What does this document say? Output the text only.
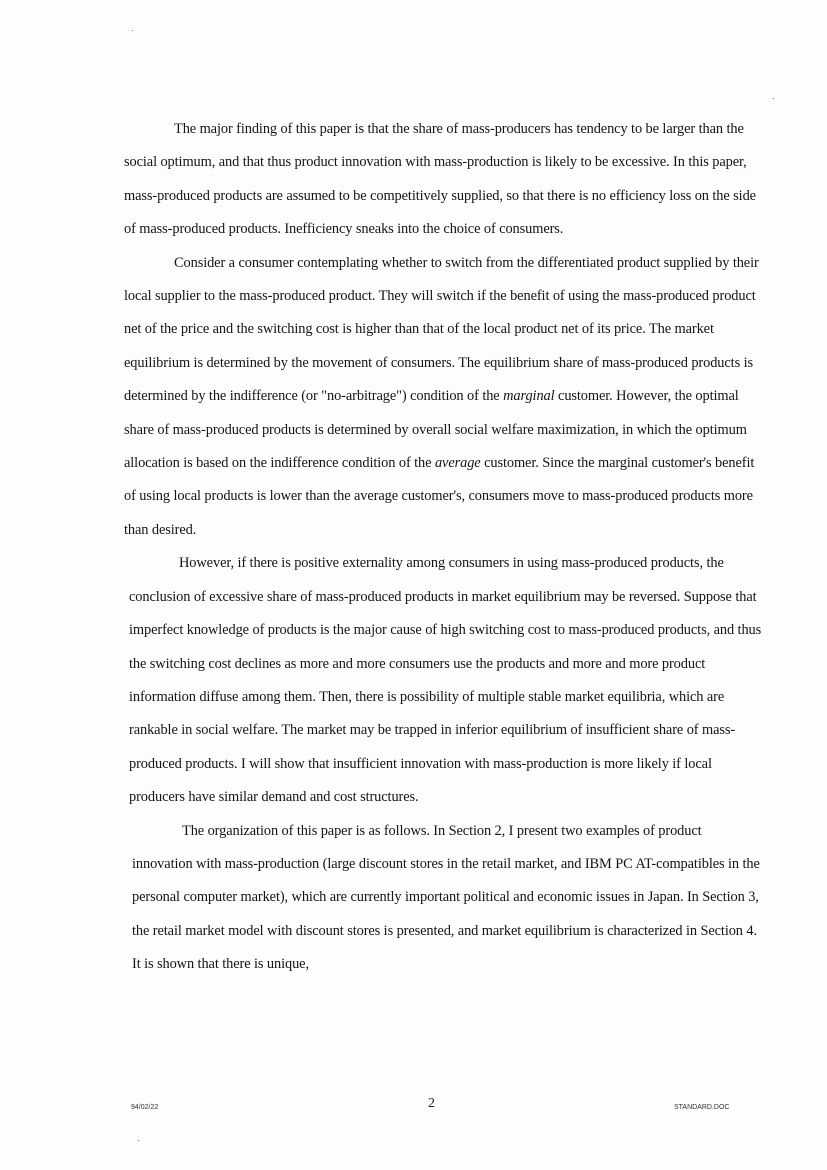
The major finding of this paper is that the share of mass-producers has tendency to be larger than the social optimum, and that thus product innovation with mass-production is likely to be excessive. In this paper, mass-produced products are assumed to be competitively supplied, so that there is no efficiency loss on the side of mass-produced products. Inefficiency sneaks into the choice of consumers.

Consider a consumer contemplating whether to switch from the differentiated product supplied by their local supplier to the mass-produced product. They will switch if the benefit of using the mass-produced product net of the price and the switching cost is higher than that of the local product net of its price. The market equilibrium is determined by the movement of consumers. The equilibrium share of mass-produced products is determined by the indifference (or "no-arbitrage") condition of the marginal customer. However, the optimal share of mass-produced products is determined by overall social welfare maximization, in which the optimum allocation is based on the indifference condition of the average customer. Since the marginal customer's benefit of using local products is lower than the average customer's, consumers move to mass-produced products more than desired.

However, if there is positive externality among consumers in using mass-produced products, the conclusion of excessive share of mass-produced products in market equilibrium may be reversed. Suppose that imperfect knowledge of products is the major cause of high switching cost to mass-produced products, and thus the switching cost declines as more and more consumers use the products and more and more product information diffuse among them. Then, there is possibility of multiple stable market equilibria, which are rankable in social welfare. The market may be trapped in inferior equilibrium of insufficient share of mass-produced products. I will show that insufficient innovation with mass-production is more likely if local producers have similar demand and cost structures.

The organization of this paper is as follows. In Section 2, I present two examples of product innovation with mass-production (large discount stores in the retail market, and IBM PC AT-compatibles in the personal computer market), which are currently important political and economic issues in Japan. In Section 3, the retail market model with discount stores is presented, and market equilibrium is characterized in Section 4. It is shown that there is unique,

94/02/22	2	STANDARD.DOC
